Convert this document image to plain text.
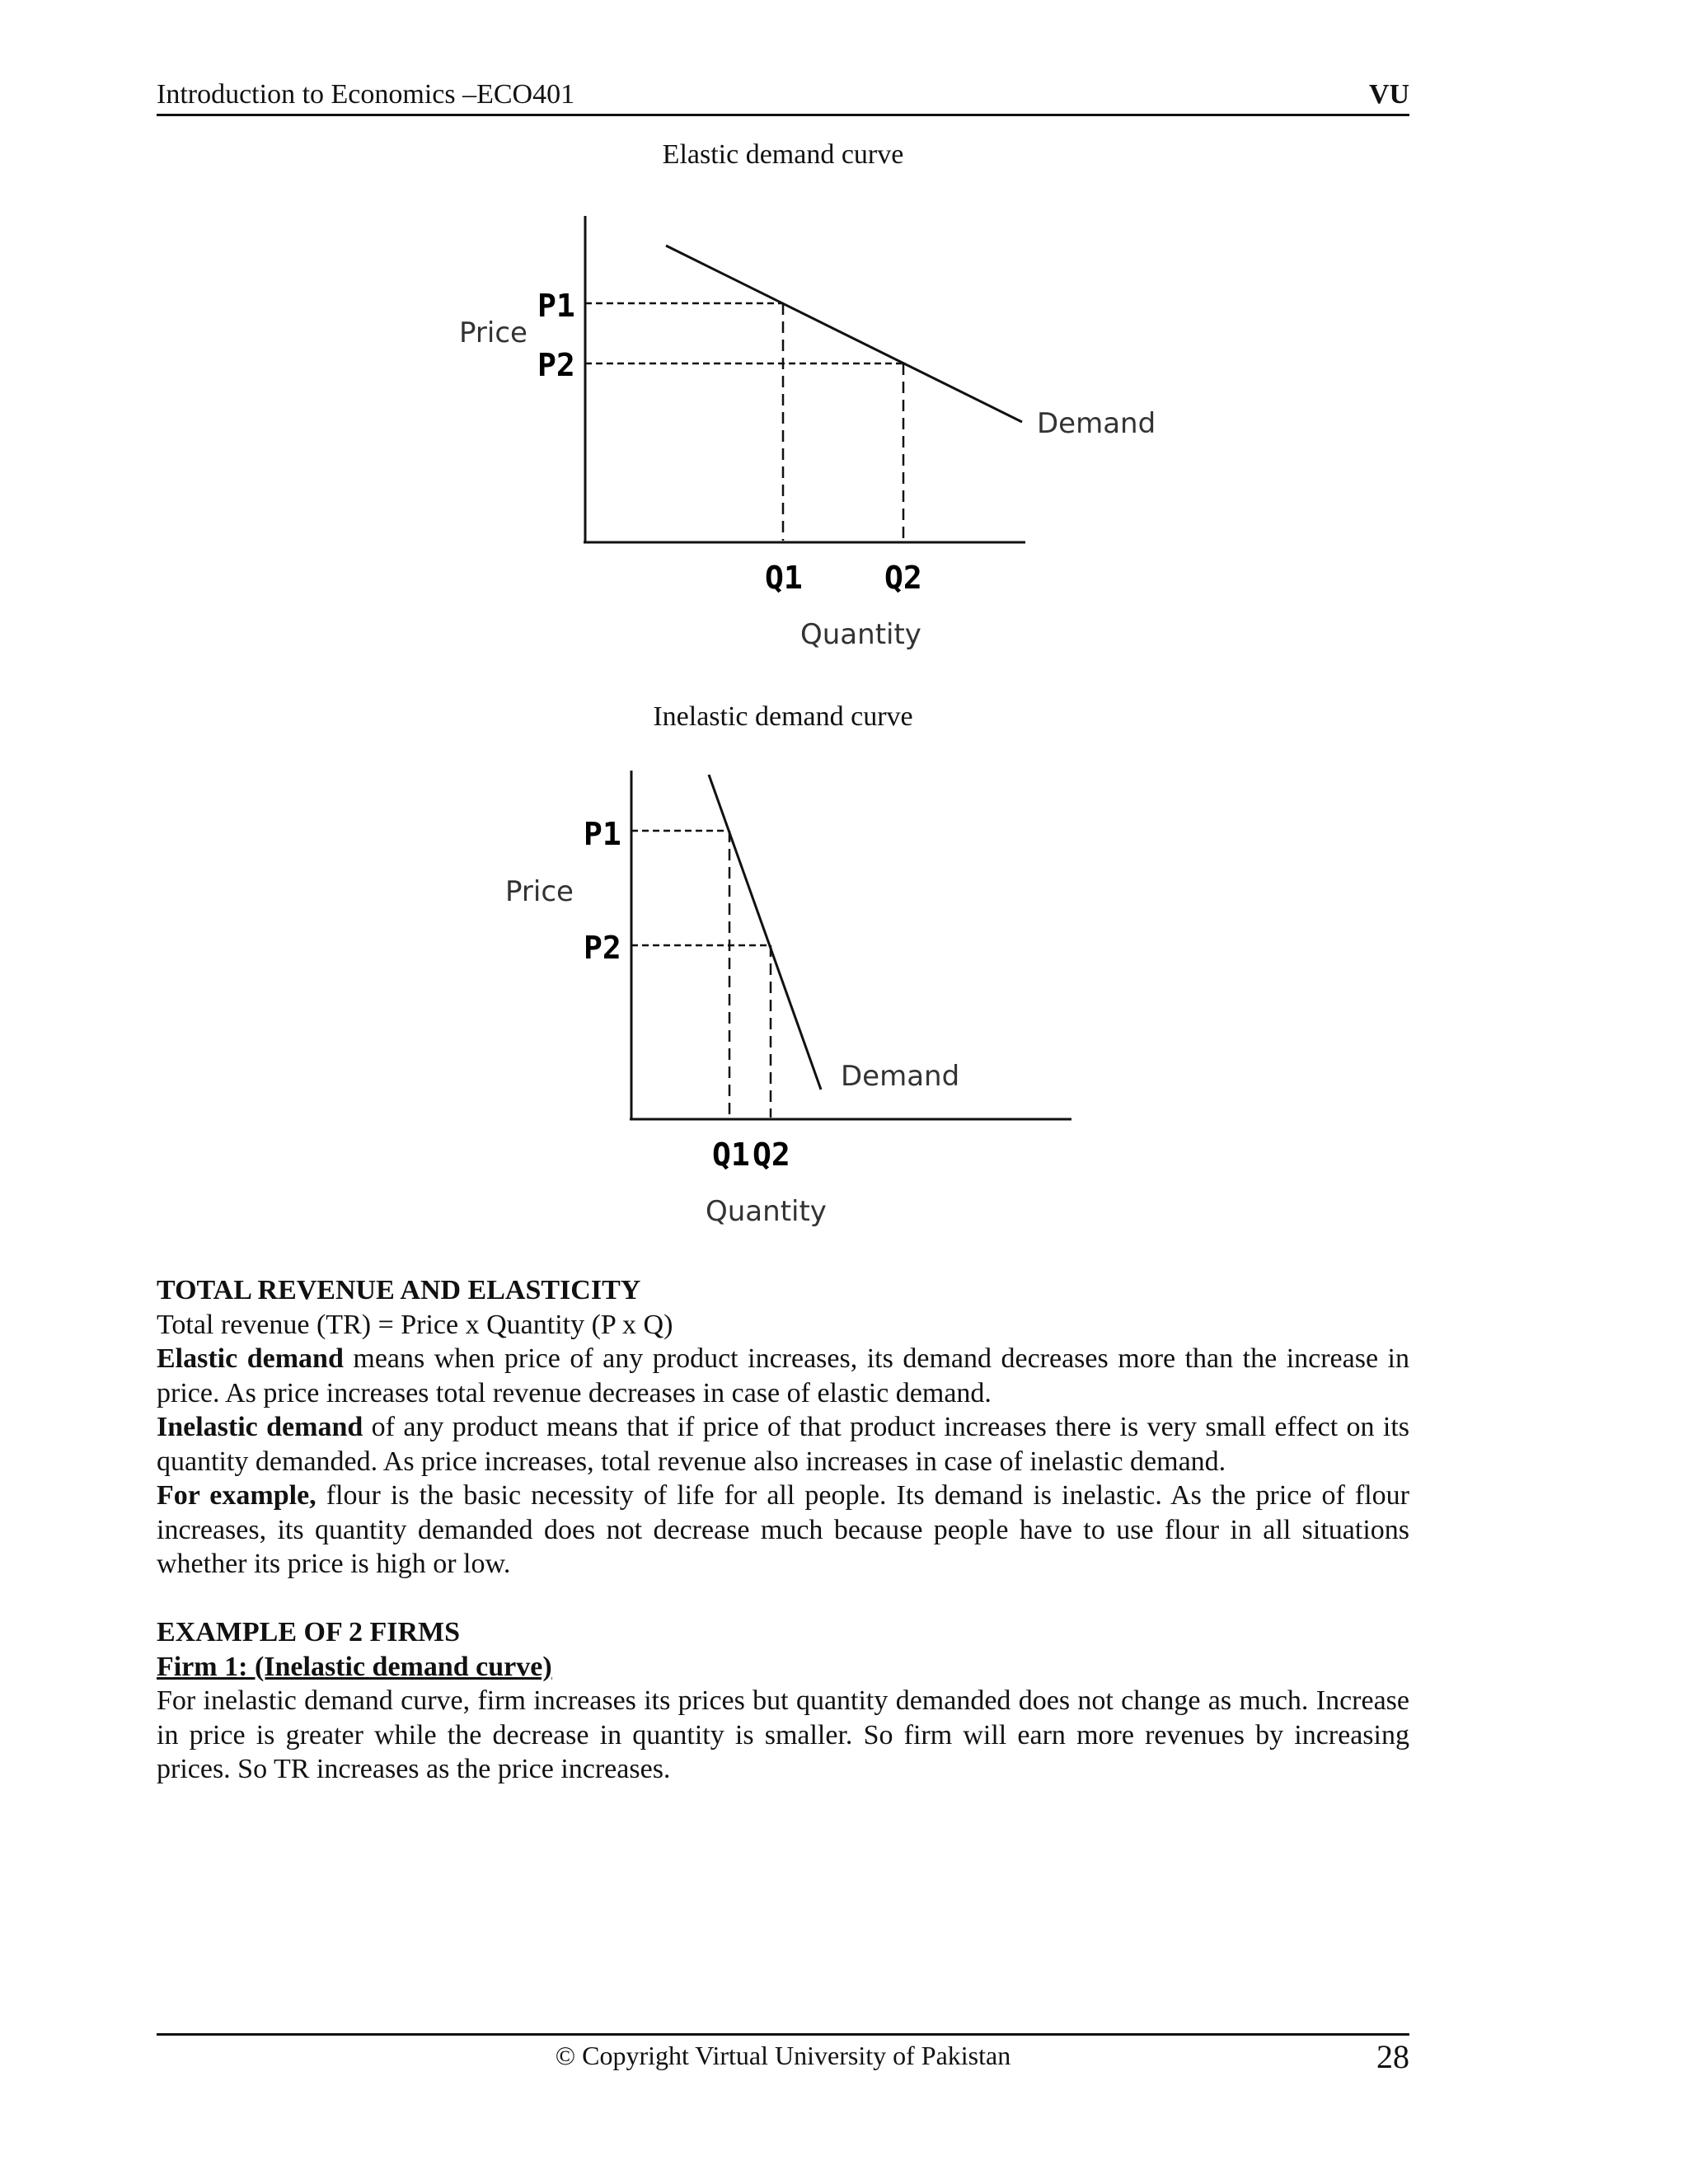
Introduction to Economics –ECO401	VU
Elastic demand curve
P1
P2
Price
Q1	Q2
Quantity
Demand
Inelastic demand curve
P1
P2
Price
Q1 Q2
Quantity
Demand

TOTAL REVENUE AND ELASTICITY

Total revenue (TR) = Price x Quantity (P x Q)

Elastic demand means when price of any product increases, its demand decreases more than the increase in price. As price increases total revenue decreases in case of elastic demand.

Inelastic demand of any product means that if price of that product increases there is very small effect on its quantity demanded. As price increases, total revenue also increases in case of inelastic demand.

For example, flour is the basic necessity of life for all people. Its demand is inelastic. As the price of flour increases, its quantity demanded does not decrease much because people have to use flour in all situations whether its price is high or low.

EXAMPLE OF 2 FIRMS

Firm 1: (Inelastic demand curve)

For inelastic demand curve, firm increases its prices but quantity demanded does not change as much. Increase in price is greater while the decrease in quantity is smaller. So firm will earn more revenues by increasing prices. So TR increases as the price increases.

© Copyright Virtual University of Pakistan	28
